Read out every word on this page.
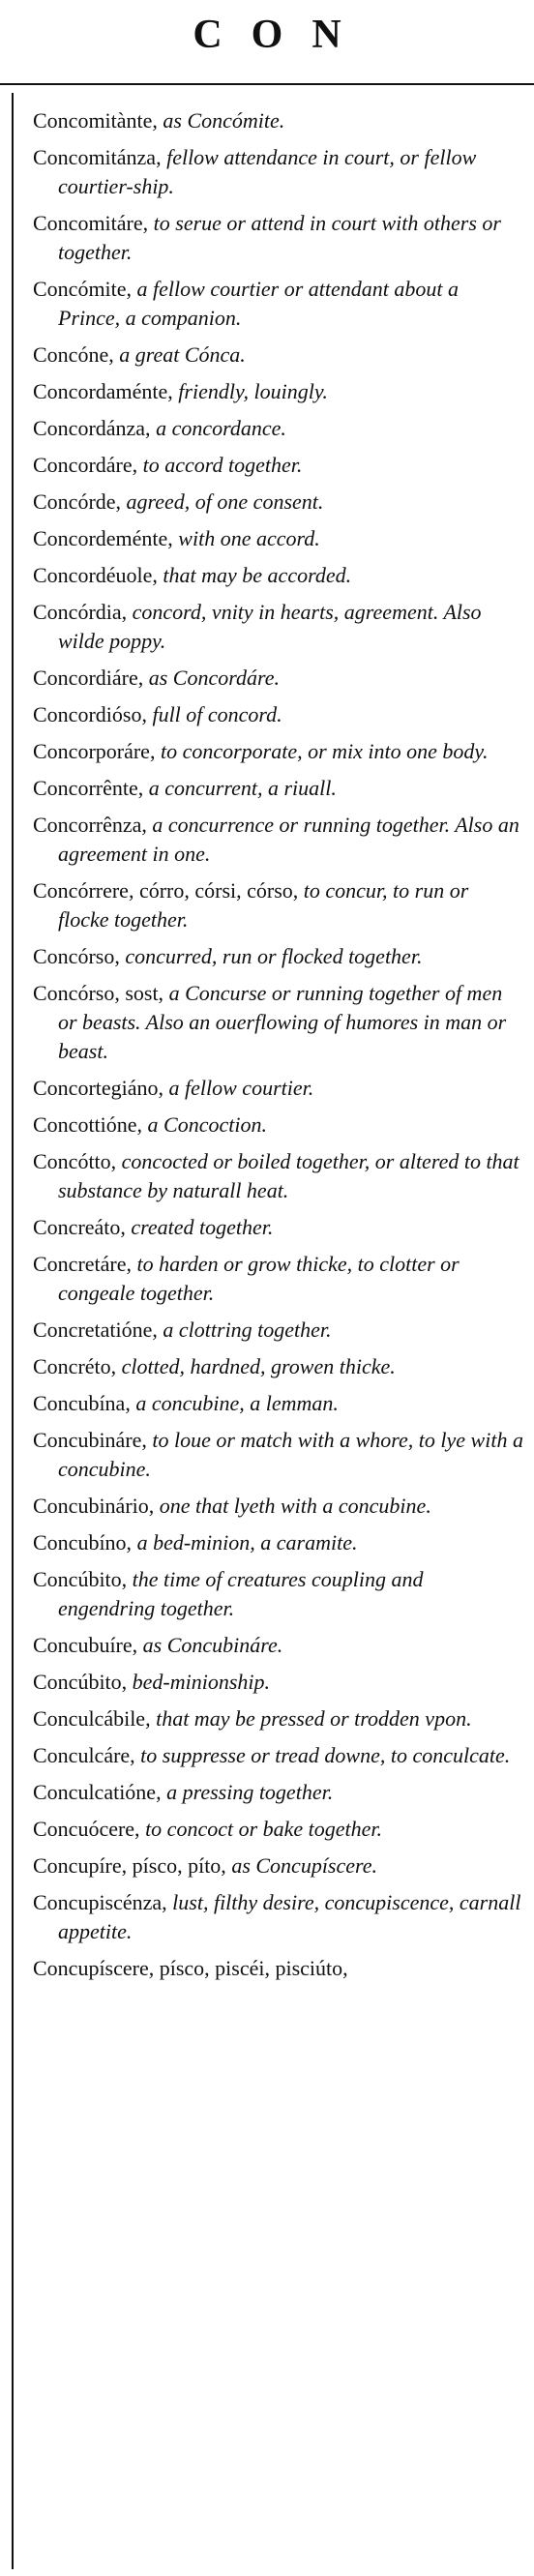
CON

Concomitànte, as Concómite.

Concomitánza, fellow attendance in court, or fellow courtier-ship.

Concomitáre, to serue or attend in court with others or together.

Concómite, a fellow courtier or attendant about a Prince, a companion.

Concóne, a great Cónca.

Concordaménte, friendly, louingly.

Concordánza, a concordance.

Concordáre, to accord together.

Concórde, agreed, of one consent.

Concordeménte, with one accord.

Concordéuole, that may be accorded.

Concórdia, concord, vnity in hearts, agreement. Also wilde poppy.

Concordiáre, as Concordáre.

Concordióso, full of concord.

Concorporáre, to concorporate, or mix into one body.

Concorrênte, a concurrent, a riuall.

Concorrênza, a concurrence or running together. Also an agreement in one.

Concórrere, córro, córsi, córso, to concur, to run or flocke together.

Concórso, concurred, run or flocked together.

Concórso, sost, a Concurse or running together of men or beasts. Also an ouerflowing of humores in man or beast.

Concortegiáno, a fellow courtier.

Concottióne, a Concoction.

Concótto, concocted or boiled together, or altered to that substance by naturall heat.

Concreáto, created together.

Concretáre, to harden or grow thicke, to clotter or congeale together.

Concretatióne, a clottring together.

Concréto, clotted, hardned, growen thicke.

Concubína, a concubine, a lemman.

Concubináre, to loue or match with a whore, to lye with a concubine.

Concubinário, one that lyeth with a concubine.

Concubíno, a bed-minion, a caramite.

Concúbito, the time of creatures coupling and engendring together.

Concubuíre, as Concubináre.

Concúbito, bed-minionship.

Conculcábile, that may be pressed or trodden vpon.

Conculcáre, to suppresse or tread downe, to conculcate.

Conculcatióne, a pressing together.

Concuócere, to concoct or bake together.

Concupíre, písco, píto, as Concupíscere.

Concupiscénza, lust, filthy desire, concupiscence, carnall appetite.

Concupíscere, písco, piscéi, pisciúto,
